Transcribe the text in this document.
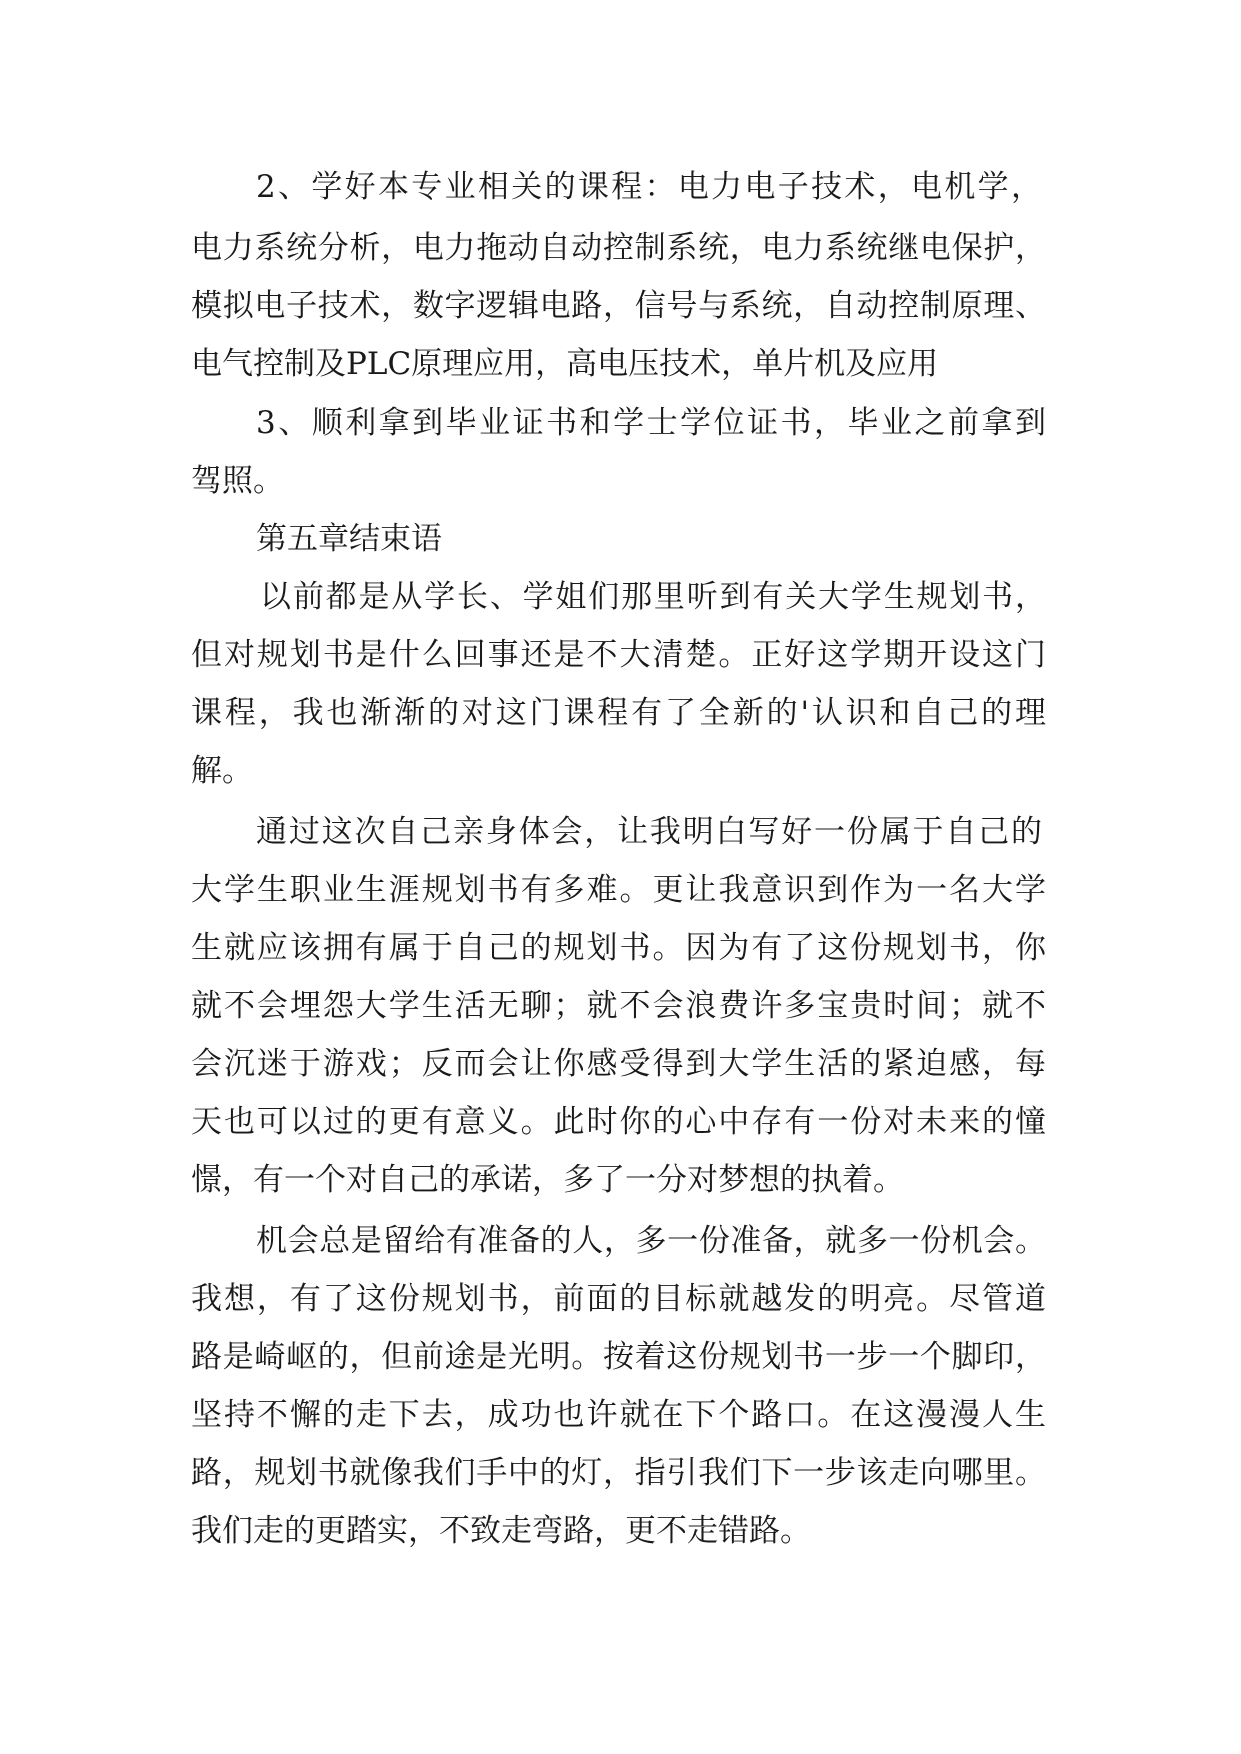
2、学好本专业相关的课程：电力电子技术，电机学，

电力系统分析，电力拖动自动控制系统，电力系统继电保护，

模拟电子技术，数字逻辑电路，信号与系统，自动控制原理、

电气控制及PLC原理应用，高电压技术，单片机及应用

3、顺利拿到毕业证书和学士学位证书，毕业之前拿到

驾照。

第五章结束语

以前都是从学长、学姐们那里听到有关大学生规划书，

但对规划书是什么回事还是不大清楚。正好这学期开设这门

课程，我也渐渐的对这门课程有了全新的'认识和自己的理

解。

通过这次自己亲身体会，让我明白写好一份属于自己的

大学生职业生涯规划书有多难。更让我意识到作为一名大学

生就应该拥有属于自己的规划书。因为有了这份规划书，你

就不会埋怨大学生活无聊；就不会浪费许多宝贵时间；就不

会沉迷于游戏；反而会让你感受得到大学生活的紧迫感，每

天也可以过的更有意义。此时你的心中存有一份对未来的憧

憬，有一个对自己的承诺，多了一分对梦想的执着。

机会总是留给有准备的人，多一份准备，就多一份机会。

我想，有了这份规划书，前面的目标就越发的明亮。尽管道

路是崎岖的，但前途是光明。按着这份规划书一步一个脚印，

坚持不懈的走下去，成功也许就在下个路口。在这漫漫人生

路，规划书就像我们手中的灯，指引我们下一步该走向哪里。

我们走的更踏实，不致走弯路，更不走错路。
